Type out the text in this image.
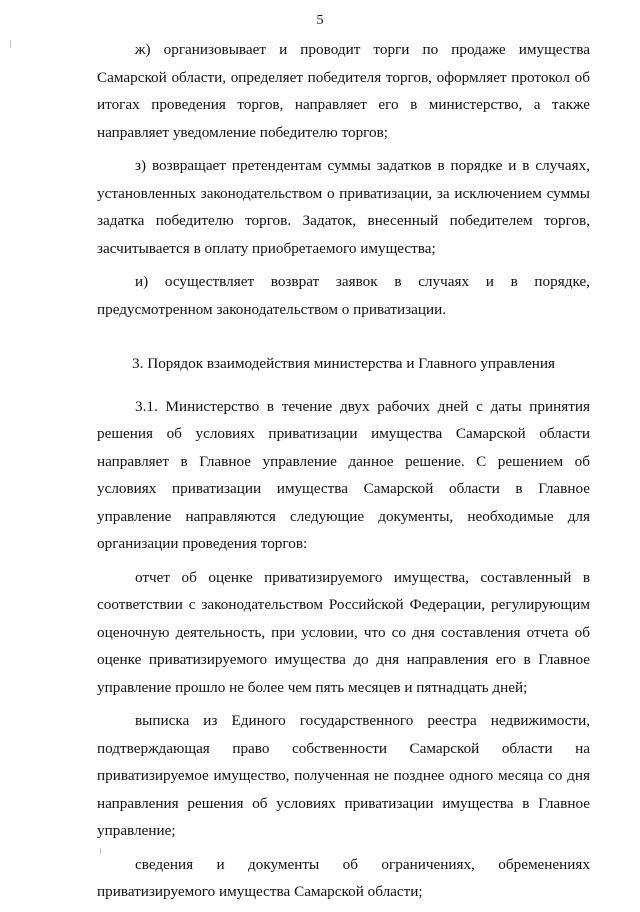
5

ж) организовывает и проводит торги по продаже имущества Самарской области, определяет победителя торгов, оформляет протокол об итогах проведения торгов, направляет его в министерство, а также направляет уведомление победителю торгов;

з) возвращает претендентам суммы задатков в порядке и в случаях, установленных законодательством о приватизации, за исключением суммы задатка победителю торгов. Задаток, внесенный победителем торгов, засчитывается в оплату приобретаемого имущества;

и) осуществляет возврат заявок в случаях и в порядке, предусмотренном законодательством о приватизации.

3. Порядок взаимодействия министерства и Главного управления

3.1. Министерство в течение двух рабочих дней с даты принятия решения об условиях приватизации имущества Самарской области направляет в Главное управление данное решение. С решением об условиях приватизации имущества Самарской области в Главное управление направляются следующие документы, необходимые для организации проведения торгов:

отчет об оценке приватизируемого имущества, составленный в соответствии с законодательством Российской Федерации, регулирующим оценочную деятельность, при условии, что со дня составления отчета об оценке приватизируемого имущества до дня направления его в Главное управление прошло не более чем пять месяцев и пятнадцать дней;

выписка из Единого государственного реестра недвижимости, подтверждающая право собственности Самарской области на приватизируемое имущество, полученная не позднее одного месяца со дня направления решения об условиях приватизации имущества в Главное управление;

сведения и документы об ограничениях, обременениях приватизируемого имущества Самарской области;
